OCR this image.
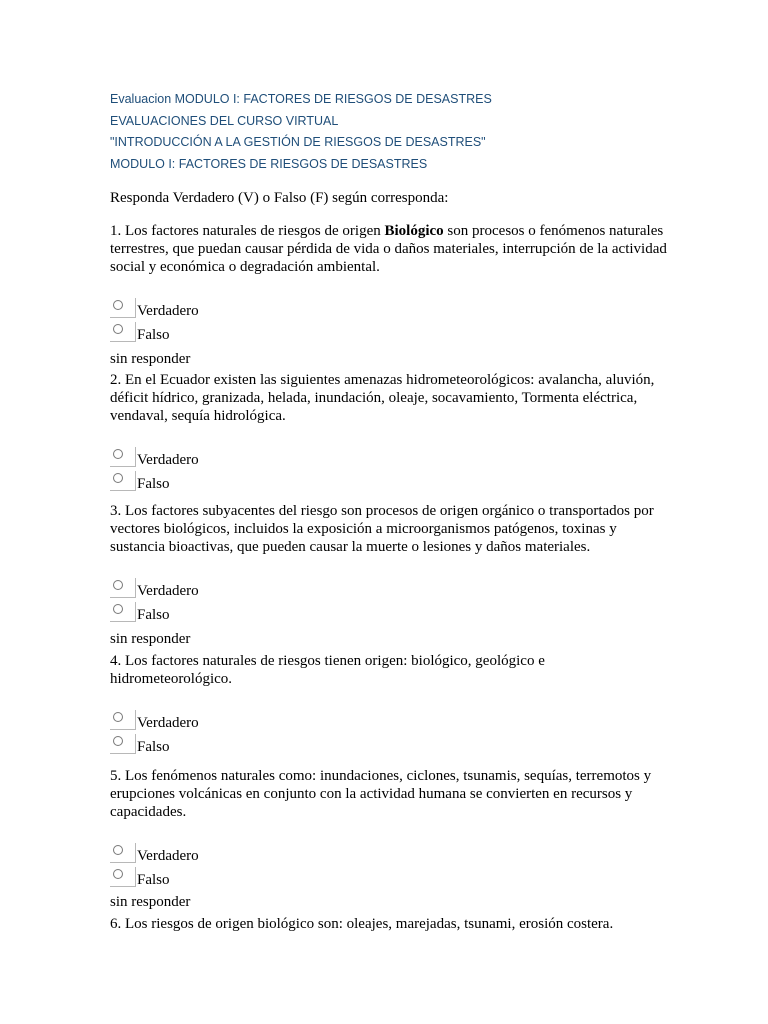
Evaluacion MODULO I: FACTORES DE RIESGOS DE DESASTRES
EVALUACIONES DEL CURSO VIRTUAL
"INTRODUCCIÓN A LA GESTIÓN DE RIESGOS DE DESASTRES"
MODULO I: FACTORES DE RIESGOS DE DESASTRES
Responda Verdadero (V) o Falso (F) según corresponda:
1. Los factores naturales de riesgos de origen Biológico son procesos o fenómenos naturales terrestres, que puedan causar pérdida de vida o daños materiales, interrupción de la actividad social y económica o degradación ambiental.
Verdadero
Falso
sin responder
2. En el Ecuador existen las siguientes amenazas hidrometeorológicos: avalancha, aluvión, déficit hídrico, granizada, helada, inundación, oleaje, socavamiento, Tormenta eléctrica, vendaval, sequía hidrológica.
Verdadero
Falso
3. Los factores subyacentes del riesgo son procesos de origen orgánico o transportados por vectores biológicos, incluidos la exposición a microorganismos patógenos, toxinas y sustancia bioactivas, que pueden causar la muerte o lesiones y daños materiales.
Verdadero
Falso
sin responder
4. Los factores naturales de riesgos tienen origen: biológico, geológico e hidrometeorológico.
Verdadero
Falso
5. Los fenómenos naturales como: inundaciones, ciclones, tsunamis, sequías, terremotos y erupciones volcánicas en conjunto con la actividad humana se convierten en recursos y capacidades.
Verdadero
Falso
sin responder
6. Los riesgos de origen biológico son: oleajes, marejadas, tsunami, erosión costera.
